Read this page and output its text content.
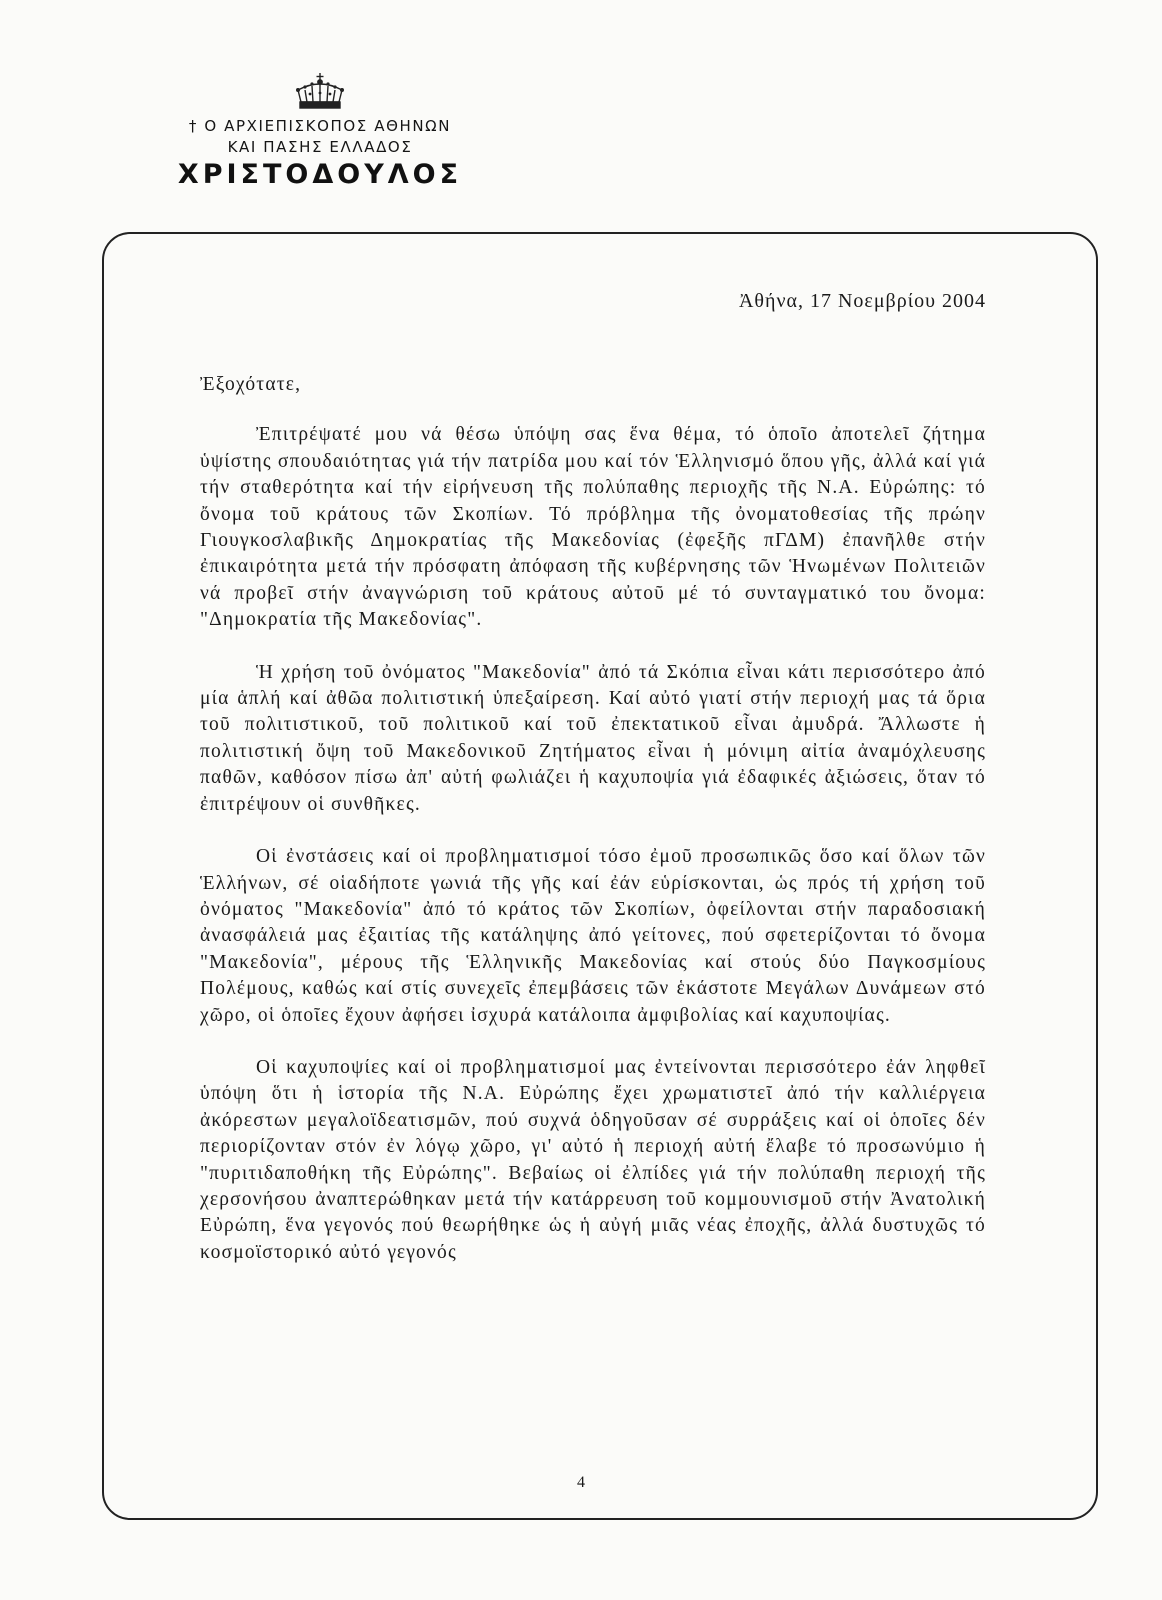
† Ο ΑΡΧΙΕΠΙΣΚΟΠΟΣ ΑΘΗΝΩΝ
ΚΑΙ ΠΑΣΗΣ ΕΛΛΑΔΟΣ
ΧΡΙΣΤΟΔΟΥΛΟΣ
Ἀθήνα, 17 Νοεμβρίου 2004

Ἐξοχότατε,

Ἐπιτρέψατέ μου νά θέσω ὑπόψη σας ἕνα θέμα, τό ὁποῖο ἀποτελεῖ ζήτημα ὑψίστης σπουδαιότητας γιά τήν πατρίδα μου καί τόν Ἑλληνισμό ὅπου γῆς, ἀλλά καί γιά τήν σταθερότητα καί τήν εἰρήνευση τῆς πολύπαθης περιοχῆς τῆς Ν.Α. Εὐρώπης: τό ὄνομα τοῦ κράτους τῶν Σκοπίων. Τό πρόβλημα τῆς ὀνοματοθεσίας τῆς πρώην Γιουγκοσλαβικῆς Δημοκρατίας τῆς Μακεδονίας (ἐφεξῆς πΓΔΜ) ἐπανῆλθε στήν ἐπικαιρότητα μετά τήν πρόσφατη ἀπόφαση τῆς κυβέρνησης τῶν Ἡνωμένων Πολιτειῶν νά προβεῖ στήν ἀναγνώριση τοῦ κράτους αὐτοῦ μέ τό συνταγματικό του ὄνομα: "Δημοκρατία τῆς Μακεδονίας".

Ἡ χρήση τοῦ ὀνόματος "Μακεδονία" ἀπό τά Σκόπια εἶναι κάτι περισσότερο ἀπό μία ἁπλή καί ἀθῶα πολιτιστική ὑπεξαίρεση. Καί αὐτό γιατί στήν περιοχή μας τά ὅρια τοῦ πολιτιστικοῦ, τοῦ πολιτικοῦ καί τοῦ ἐπεκτατικοῦ εἶναι ἀμυδρά. Ἄλλωστε ἡ πολιτιστική ὄψη τοῦ Μακεδονικοῦ Ζητήματος εἶναι ἡ μόνιμη αἰτία ἀναμόχλευσης παθῶν, καθόσον πίσω ἀπ' αὐτή φωλιάζει ἡ καχυποψία γιά ἐδαφικές ἀξιώσεις, ὅταν τό ἐπιτρέψουν οἱ συνθῆκες.

Οἱ ἐνστάσεις καί οἱ προβληματισμοί τόσο ἐμοῦ προσωπικῶς ὅσο καί ὅλων τῶν Ἑλλήνων, σέ οἱαδήποτε γωνιά τῆς γῆς καί ἐάν εὑρίσκονται, ὡς πρός τή χρήση τοῦ ὀνόματος "Μακεδονία" ἀπό τό κράτος τῶν Σκοπίων, ὀφείλονται στήν παραδοσιακή ἀνασφάλειά μας ἐξαιτίας τῆς κατάληψης ἀπό γείτονες, πού σφετερίζονται τό ὄνομα "Μακεδονία", μέρους τῆς Ἑλληνικῆς Μακεδονίας καί στούς δύο Παγκοσμίους Πολέμους, καθώς καί στίς συνεχεῖς ἐπεμβάσεις τῶν ἑκάστοτε Μεγάλων Δυνάμεων στό χῶρο, οἱ ὁποῖες ἔχουν ἀφήσει ἰσχυρά κατάλοιπα ἀμφιβολίας καί καχυποψίας.

Οἱ καχυποψίες καί οἱ προβληματισμοί μας ἐντείνονται περισσότερο ἐάν ληφθεῖ ὑπόψη ὅτι ἡ ἱστορία τῆς Ν.Α. Εὐρώπης ἔχει χρωματιστεῖ ἀπό τήν καλλιέργεια ἀκόρεστων μεγαλοϊδεατισμῶν, πού συχνά ὁδηγοῦσαν σέ συρράξεις καί οἱ ὁποῖες δέν περιορίζονταν στόν ἐν λόγῳ χῶρο, γι' αὐτό ἡ περιοχή αὐτή ἔλαβε τό προσωνύμιο ἡ "πυριτιδαποθήκη τῆς Εὐρώπης". Βεβαίως οἱ ἐλπίδες γιά τήν πολύπαθη περιοχή τῆς χερσονήσου ἀναπτερώθηκαν μετά τήν κατάρρευση τοῦ κομμουνισμοῦ στήν Ἀνατολική Εὐρώπη, ἕνα γεγονός πού θεωρήθηκε ὡς ἡ αὐγή μιᾶς νέας ἐποχῆς, ἀλλά δυστυχῶς τό κοσμοϊστορικό αὐτό γεγονός

4
